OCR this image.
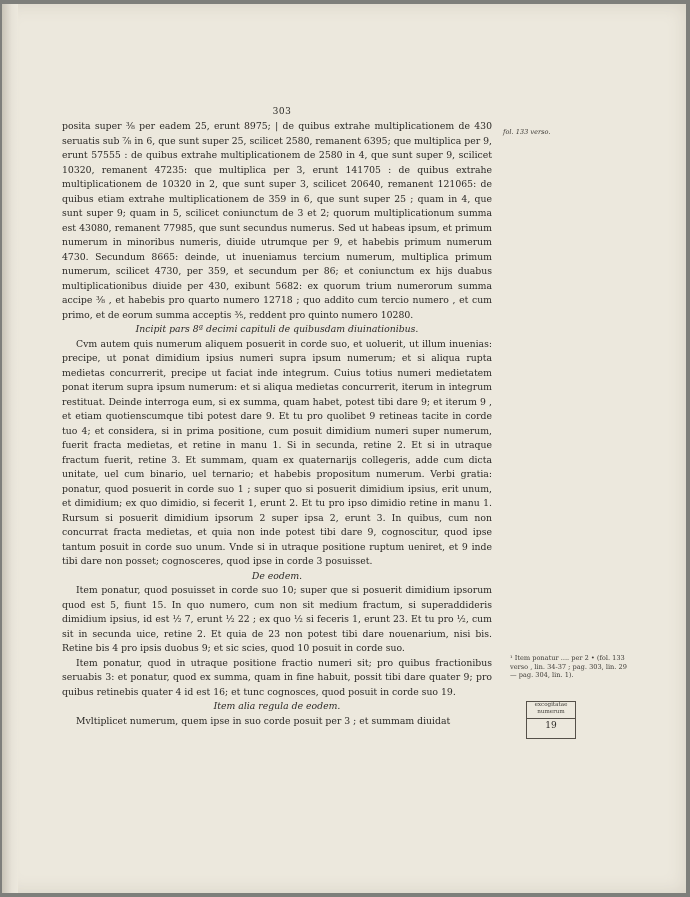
303

posita super ⅜ per eadem 25, erunt 8975; | de quibus extrahe multiplicationem de 430 seruatis sub ⅞ in 6, que sunt super 25, scilicet 2580, remanent 6395; que multiplica per 9, erunt 57555 : de quibus extrahe multiplicationem de 2580 in 4, que sunt super 9, scilicet 10320, remanent 47235: que multiplica per 3, erunt 141705 : de quibus extrahe multiplicationem de 10320 in 2, que sunt super 3, scilicet 20640, remanent 121065: de quibus etiam extrahe multiplicationem de 359 in 6, que sunt super 25 ; quam in 4, que sunt super 9; quam in 5, scilicet coniunctum de 3 et 2; quorum multiplicationum summa est 43080, remanent 77985, que sunt secundus numerus. Sed ut habeas ipsum, et primum numerum in minoribus numeris, diuide utrumque per 9, et habebis primum numerum 4730. Secundum 8665: deinde, ut inueniamus tercium numerum, multiplica primum numerum, scilicet 4730, per 359, et secundum per 86; et coniunctum ex hijs duabus multiplicationibus diuide per 430, exibunt 5682: ex quorum trium numerorum summa accipe ⅜ , et habebis pro quarto numero 12718 ; quo addito cum tercio numero , et cum primo, et de eorum summa acceptis ⅗, reddent pro quinto numero 10280.

Incipit pars 8ª decimi capituli de quibusdam diuinationibus.

Cvm autem quis numerum aliquem posuerit in corde suo, et uoluerit, ut illum inuenias: precipe, ut ponat dimidium ipsius numeri supra ipsum numerum; et si aliqua rupta medietas concurrerit, precipe ut faciat inde integrum. Cuius totius numeri medietatem ponat iterum supra ipsum numerum: et si aliqua medietas concurrerit, iterum in integrum restituat. Deinde interroga eum, si ex summa, quam habet, potest tibi dare 9; et iterum 9 , et etiam quotienscumque tibi potest dare 9. Et tu pro quolibet 9 retineas tacite in corde tuo 4; et considera, si in prima positione, cum posuit dimidium numeri super numerum, fuerit fracta medietas, et retine in manu 1. Si in secunda, retine 2. Et si in utraque fractum fuerit, retine 3. Et summam, quam ex quaternarijs collegeris, adde cum dicta unitate, uel cum binario, uel ternario; et habebis propositum numerum. Verbi gratia: ponatur, quod posuerit in corde suo 1 ; super quo si posuerit dimidium ipsius, erit unum, et dimidium; ex quo dimidio, si fecerit 1, erunt 2. Et tu pro ipso dimidio retine in manu 1. Rursum si posuerit dimidium ipsorum 2 super ipsa 2, erunt 3. In quibus, cum non concurrat fracta medietas, et quia non inde potest tibi dare 9, cognoscitur, quod ipse tantum posuit in corde suo unum. Vnde si in utraque positione ruptum ueniret, et 9 inde tibi dare non posset; cognosceres, quod ipse in corde 3 posuisset.

De eodem.

Item ponatur, quod posuisset in corde suo 10; super que si posuerit dimidium ipsorum quod est 5, fiunt 15. In quo numero, cum non sit medium fractum, si superaddideris dimidium ipsius, id est ½ 7, erunt ½ 22 ; ex quo ½ si feceris 1, erunt 23. Et tu pro ½, cum sit in secunda uice, retine 2. Et quia de 23 non potest tibi dare nouenarium, nisi bis. Retine bis 4 pro ipsis duobus 9; et sic scies, quod 10 posuit in corde suo.

Item ponatur, quod in utraque positione fractio numeri sit; pro quibus fractionibus seruabis 3: et ponatur, quod ex summa, quam in fine habuit, possit tibi dare quater 9; pro quibus retinebis quater 4 id est 16; et tunc cognosces, quod posuit in corde suo 19.

Item alia regula de eodem.

Mvltiplicet numerum, quem ipse in suo corde posuit per 3 ; et summam diuidat

fol. 133 verso.
¹ Item ponatur .... per 2 • (fol. 133 verso , lin. 34-37 ; pag. 303, lin. 29 — pag. 304, lin. 1).
excogitatae numerum
19
